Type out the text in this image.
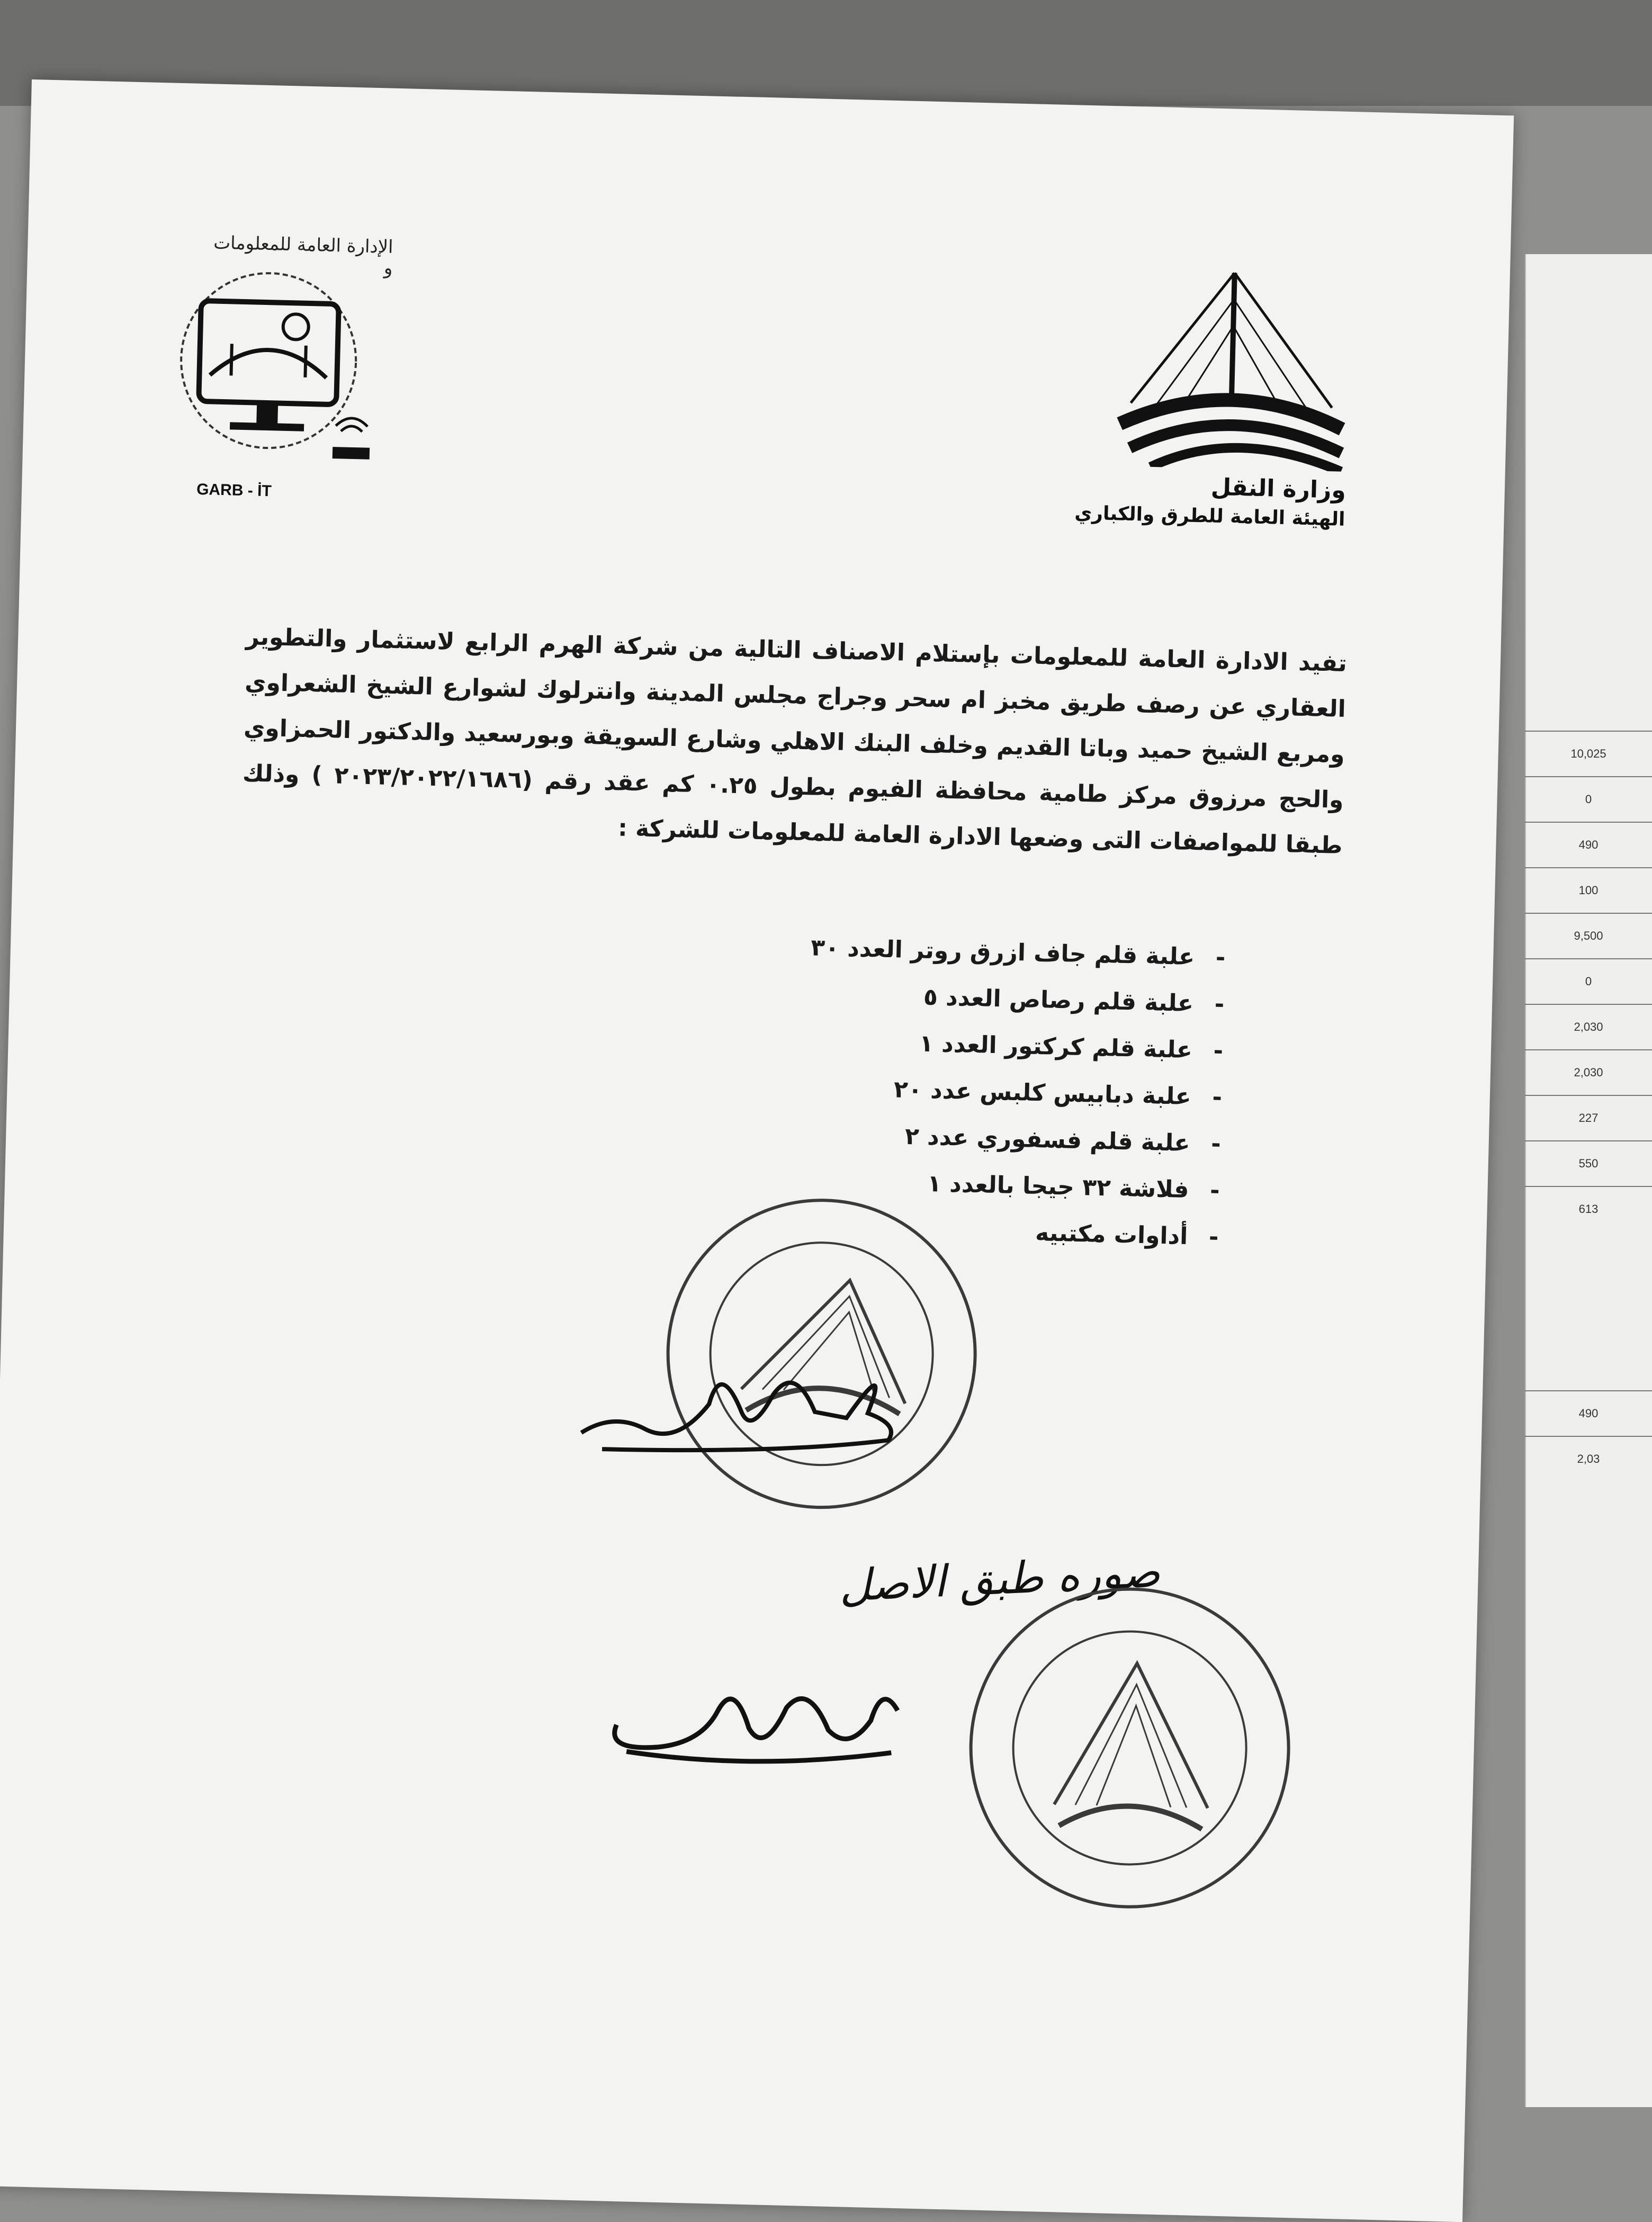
10,025
0
490
100
9,500
0
2,030
2,030
227
550
613
490
2,03
الإدارة العامة للمعلومات و
GARB - İT	وزارة النقل
الهيئة العامة للطرق والكباري
تفيد الادارة العامة للمعلومات بإستلام الاصناف التالية من شركة الهرم الرابع لاستثمار والتطوير العقاري عن رصف طريق مخبز ام سحر وجراج مجلس المدينة وانترلوك لشوارع الشيخ الشعراوي ومربع الشيخ حميد وباتا القديم وخلف البنك الاهلي وشارع السويقة وبورسعيد والدكتور الحمزاوي والحج مرزوق مركز طامية محافظة الفيوم بطول ٠.٢٥ كم عقد رقم (٢٠٢٣/٢٠٢٢/١٦٨٦ ) وذلك طبقا للمواصفات التى وضعها الادارة العامة للمعلومات للشركة :
-
علبة قلم جاف ازرق روتر العدد ٣٠
-
علبة قلم رصاص العدد ٥
-
علبة قلم كركتور العدد ١
-
علبة دبابيس كلبس عدد ٢٠
-
علبة قلم فسفوري عدد ٢
-
فلاشة ٣٢ جيجا بالعدد ١
-
أداوات مكتبيه
صوره طبق الاصل
